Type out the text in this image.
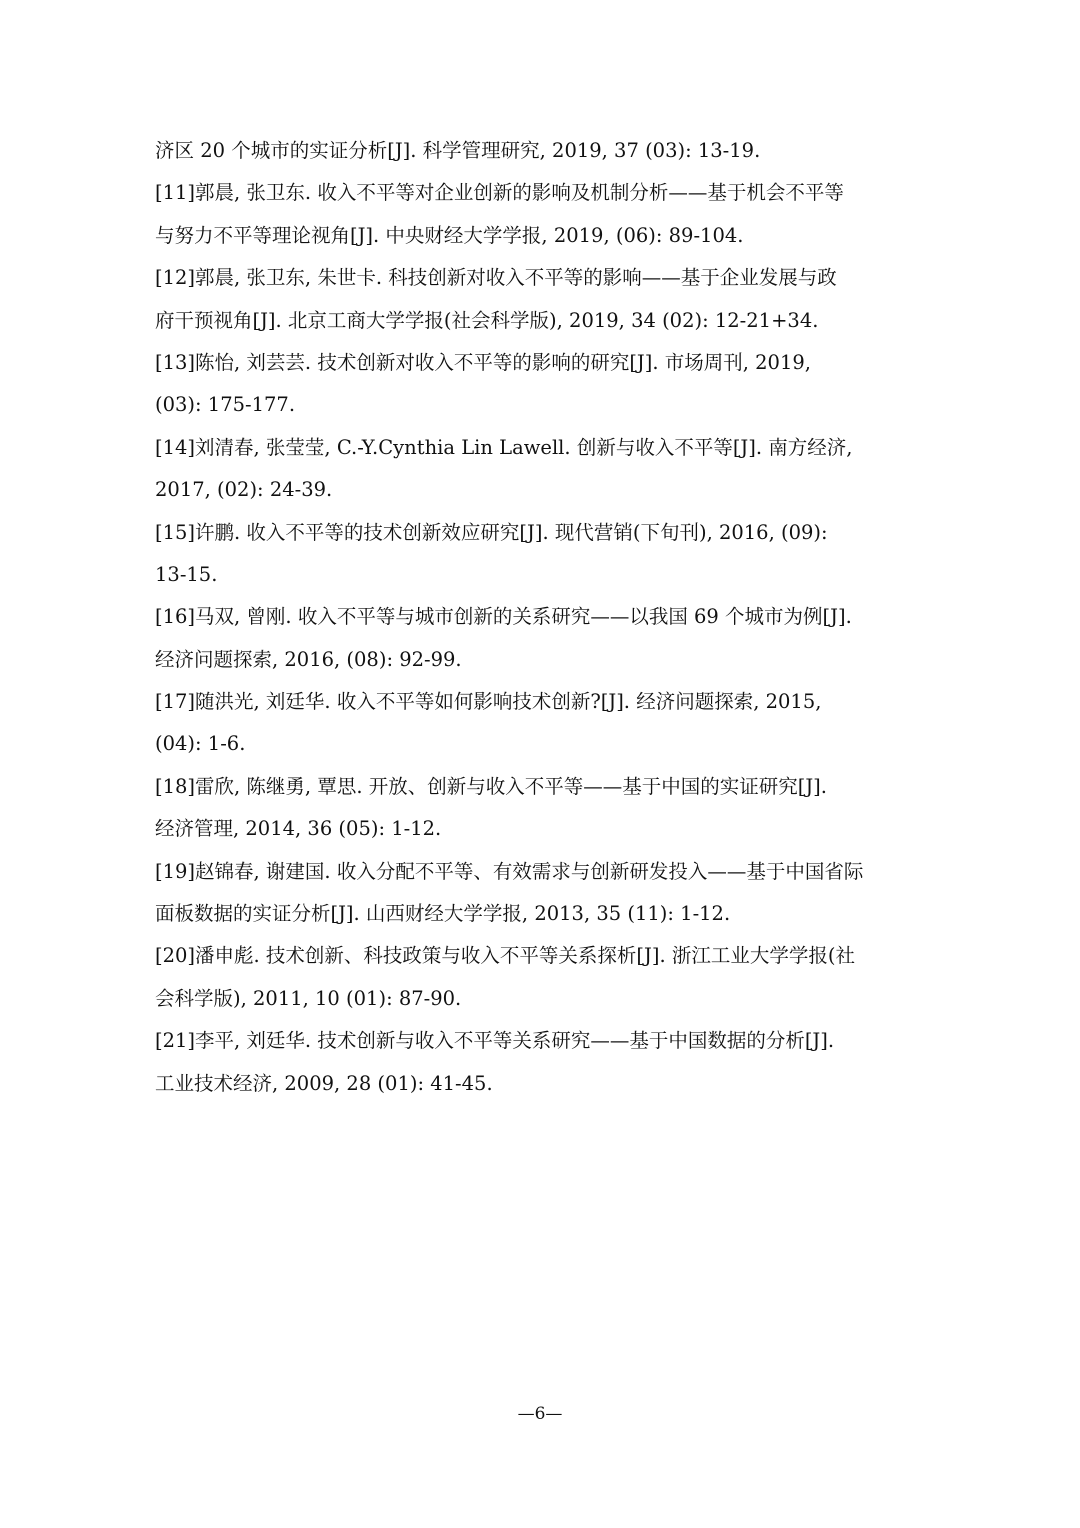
济区 20 个城市的实证分析[J]. 科学管理研究, 2019, 37 (03): 13-19.
[11]郭晨, 张卫东. 收入不平等对企业创新的影响及机制分析——基于机会不平等
与努力不平等理论视角[J]. 中央财经大学学报, 2019, (06): 89-104.
[12]郭晨, 张卫东, 朱世卡. 科技创新对收入不平等的影响——基于企业发展与政
府干预视角[J]. 北京工商大学学报(社会科学版), 2019, 34 (02): 12-21+34.
[13]陈怡, 刘芸芸. 技术创新对收入不平等的影响的研究[J]. 市场周刊, 2019,
(03): 175-177.
[14]刘清春, 张莹莹, C.-Y.Cynthia Lin Lawell. 创新与收入不平等[J]. 南方经济,
2017, (02): 24-39.
[15]许鹏. 收入不平等的技术创新效应研究[J]. 现代营销(下旬刊), 2016, (09):
13-15.
[16]马双, 曾刚. 收入不平等与城市创新的关系研究——以我国 69 个城市为例[J].
经济问题探索, 2016, (08): 92-99.
[17]随洪光, 刘廷华. 收入不平等如何影响技术创新?[J]. 经济问题探索, 2015,
(04): 1-6.
[18]雷欣, 陈继勇, 覃思. 开放、创新与收入不平等——基于中国的实证研究[J].
经济管理, 2014, 36 (05): 1-12.
[19]赵锦春, 谢建国. 收入分配不平等、有效需求与创新研发投入——基于中国省际
面板数据的实证分析[J]. 山西财经大学学报, 2013, 35 (11): 1-12.
[20]潘申彪. 技术创新、科技政策与收入不平等关系探析[J]. 浙江工业大学学报(社
会科学版), 2011, 10 (01): 87-90.
[21]李平, 刘廷华. 技术创新与收入不平等关系研究——基于中国数据的分析[J].
工业技术经济, 2009, 28 (01): 41-45.
—6—
